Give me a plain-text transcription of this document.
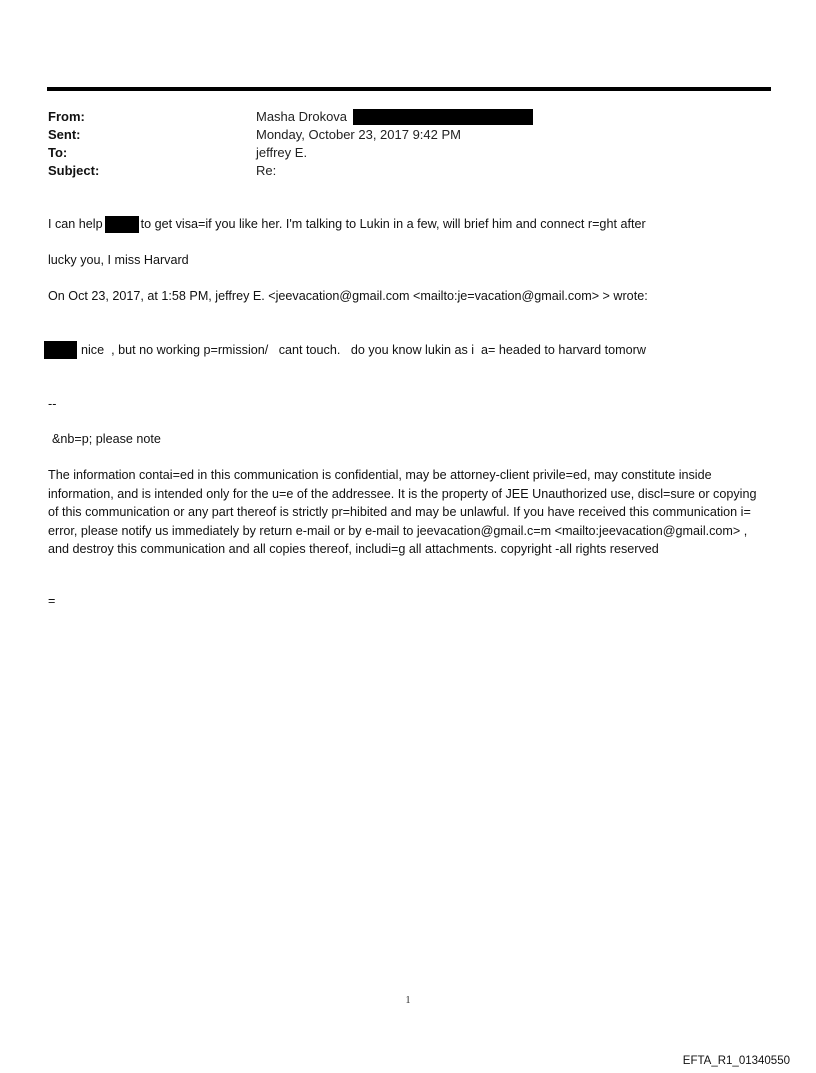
From:	Masha Drokova
Sent:	Monday, October 23, 2017 9:42 PM
To:	jeffrey E.
Subject:	Re:
I can help	to get visa=if you like her. I'm talking to Lukin in a few, will brief him and connect r=ght after
lucky you, I miss Harvard
On Oct 23, 2017, at 1:58 PM, jeffrey E. <jeevacation@gmail.com <mailto:je=vacation@gmail.com> > wrote:
nice  , but no working p=rmission/   cant touch.   do you know lukin as i  a= headed to harvard tomorw
--
&nb=p; please note

The information contai=ed in this communication is confidential, may be attorney-client privile=ed, may constitute inside information, and is intended only for the u=e of the addressee. It is the property of JEE Unauthorized use, discl=sure or copying of this communication or any part thereof is strictly pr=hibited and may be unlawful. If you have received this communication i= error, please notify us immediately by return e-mail or by e-mail to jeevacation@gmail.c=m <mailto:jeevacation@gmail.com> , and destroy this communication and all copies thereof, includi=g all attachments. copyright -all rights reserved

=
1
EFTA_R1_01340550
